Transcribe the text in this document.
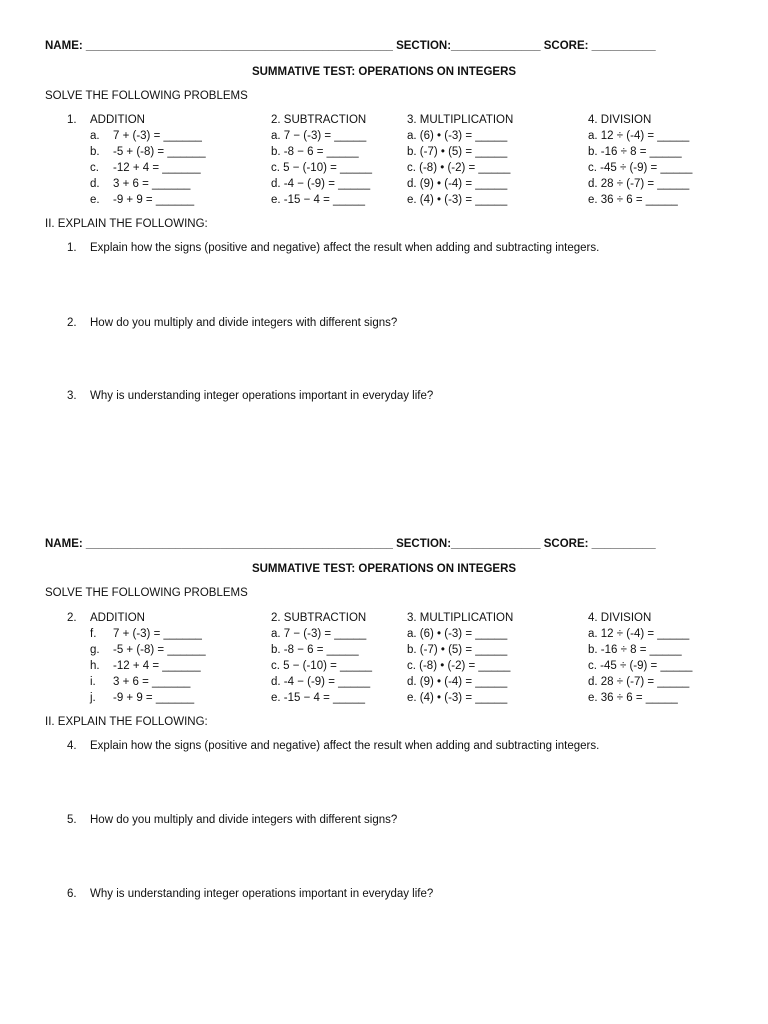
NAME: ________________________________________________ SECTION:______________ SCORE: __________
SUMMATIVE TEST: OPERATIONS ON INTEGERS
SOLVE THE FOLLOWING PROBLEMS
1. ADDITION
a. 7 + (-3) = ______
b. -5 + (-8) = ______
c. -12 + 4 = ______
d. 3 + 6 = ______
e. -9 + 9 = ______
2. SUBTRACTION
a. 7 − (-3) = _____
b. -8 − 6 = _____
c. 5 − (-10) = _____
d. -4 − (-9) = _____
e. -15 − 4 = _____
3. MULTIPLICATION
a. (6) • (-3) = _____
b. (-7) • (5) = _____
c. (-8) • (-2) = _____
d. (9) • (-4) = _____
e. (4) • (-3) = _____
4. DIVISION
a. 12 ÷ (-4) = _____
b. -16 ÷ 8 = _____
c. -45 ÷ (-9) = _____
d. 28 ÷ (-7) = _____
e. 36 ÷ 6 = _____
II. EXPLAIN THE FOLLOWING:
1. Explain how the signs (positive and negative) affect the result when adding and subtracting integers.
2. How do you multiply and divide integers with different signs?
3. Why is understanding integer operations important in everyday life?
NAME: ________________________________________________ SECTION:______________ SCORE: __________
SUMMATIVE TEST: OPERATIONS ON INTEGERS
SOLVE THE FOLLOWING PROBLEMS
2. ADDITION
f. 7 + (-3) = ______
g. -5 + (-8) = ______
h. -12 + 4 = ______
i. 3 + 6 = ______
j. -9 + 9 = ______
2. SUBTRACTION
a. 7 − (-3) = _____
b. -8 − 6 = _____
c. 5 − (-10) = _____
d. -4 − (-9) = _____
e. -15 − 4 = _____
3. MULTIPLICATION
a. (6) • (-3) = _____
b. (-7) • (5) = _____
c. (-8) • (-2) = _____
d. (9) • (-4) = _____
e. (4) • (-3) = _____
4. DIVISION
a. 12 ÷ (-4) = _____
b. -16 ÷ 8 = _____
c. -45 ÷ (-9) = _____
d. 28 ÷ (-7) = _____
e. 36 ÷ 6 = _____
II. EXPLAIN THE FOLLOWING:
4. Explain how the signs (positive and negative) affect the result when adding and subtracting integers.
5. How do you multiply and divide integers with different signs?
6. Why is understanding integer operations important in everyday life?
